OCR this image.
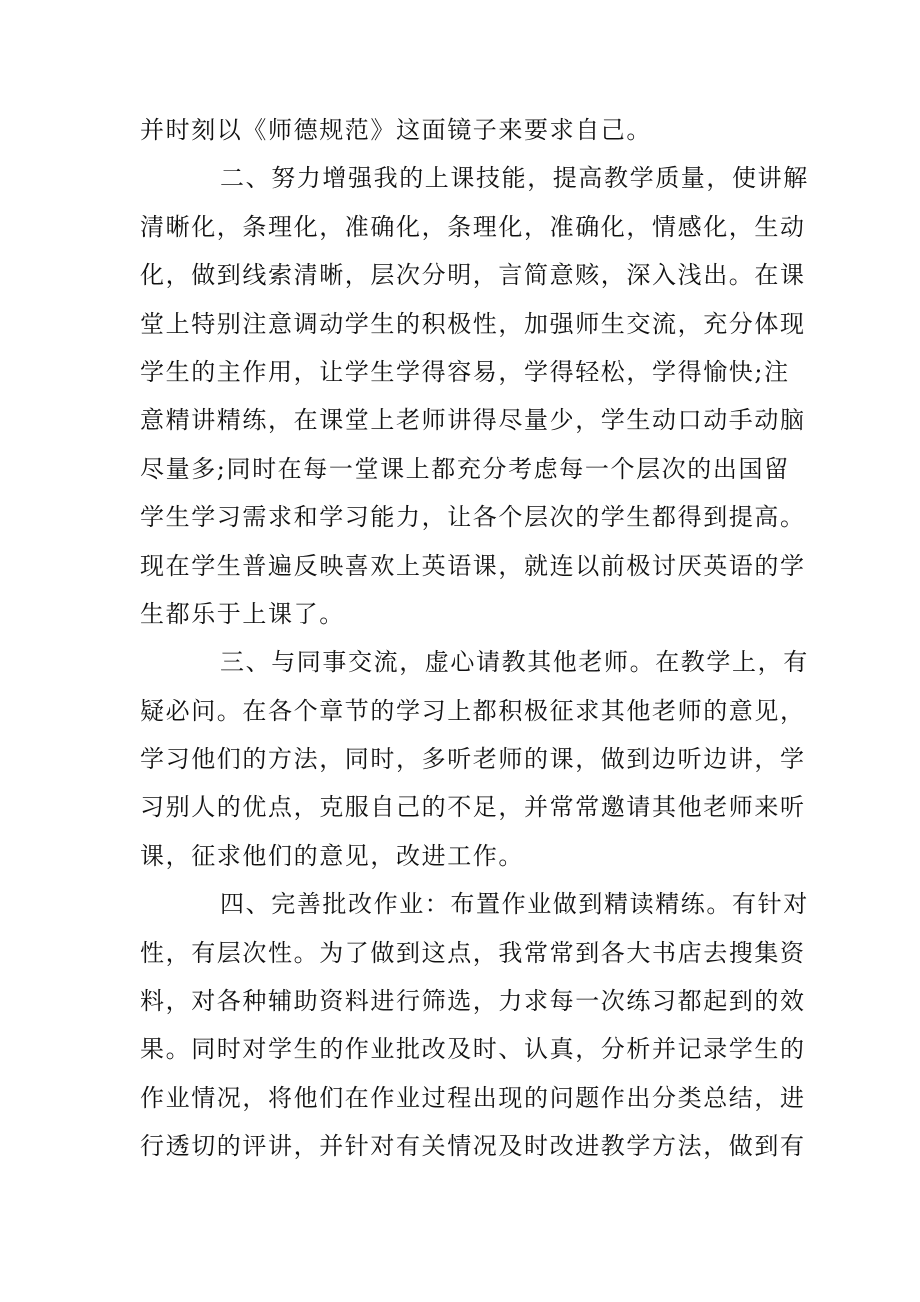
并时刻以《师德规范》这面镜子来要求自己。
二、努力增强我的上课技能，提高教学质量，使讲解
清晰化，条理化，准确化，条理化，准确化，情感化，生动
化，做到线索清晰，层次分明，言简意赅，深入浅出。在课
堂上特别注意调动学生的积极性，加强师生交流，充分体现
学生的主作用，让学生学得容易，学得轻松，学得愉快;注
意精讲精练，在课堂上老师讲得尽量少，学生动口动手动脑
尽量多;同时在每一堂课上都充分考虑每一个层次的出国留
学生学习需求和学习能力，让各个层次的学生都得到提高。
现在学生普遍反映喜欢上英语课，就连以前极讨厌英语的学
生都乐于上课了。
三、与同事交流，虚心请教其他老师。在教学上，有
疑必问。在各个章节的学习上都积极征求其他老师的意见，
学习他们的方法，同时，多听老师的课，做到边听边讲，学
习别人的优点，克服自己的不足，并常常邀请其他老师来听
课，征求他们的意见，改进工作。
四、完善批改作业：布置作业做到精读精练。有针对
性，有层次性。为了做到这点，我常常到各大书店去搜集资
料，对各种辅助资料进行筛选，力求每一次练习都起到的效
果。同时对学生的作业批改及时、认真，分析并记录学生的
作业情况，将他们在作业过程出现的问题作出分类总结，进
行透切的评讲，并针对有关情况及时改进教学方法，做到有
